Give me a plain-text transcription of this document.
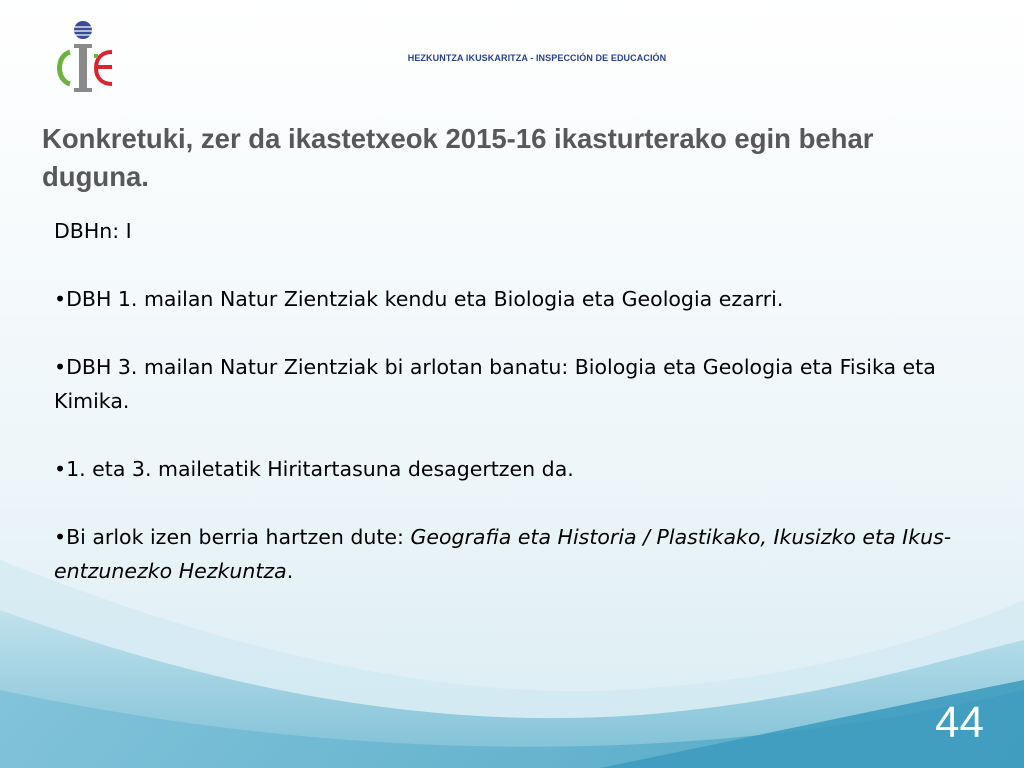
HEZKUNTZA IKUSKARITZA - INSPECCIÓN DE EDUCACIÓN
Konkretuki, zer da ikastetxeok 2015-16 ikasturterako egin behar duguna.

DBHn: I

•DBH 1. mailan Natur Zientziak kendu eta Biologia eta Geologia ezarri.

•DBH 3. mailan Natur Zientziak bi arlotan banatu: Biologia eta Geologia eta Fisika eta Kimika.

•1. eta 3. mailetatik Hiritartasuna desagertzen da.

•Bi arlok izen berria hartzen dute: Geografia eta Historia / Plastikako, Ikusizko eta Ikus-entzunezko Hezkuntza.

44
